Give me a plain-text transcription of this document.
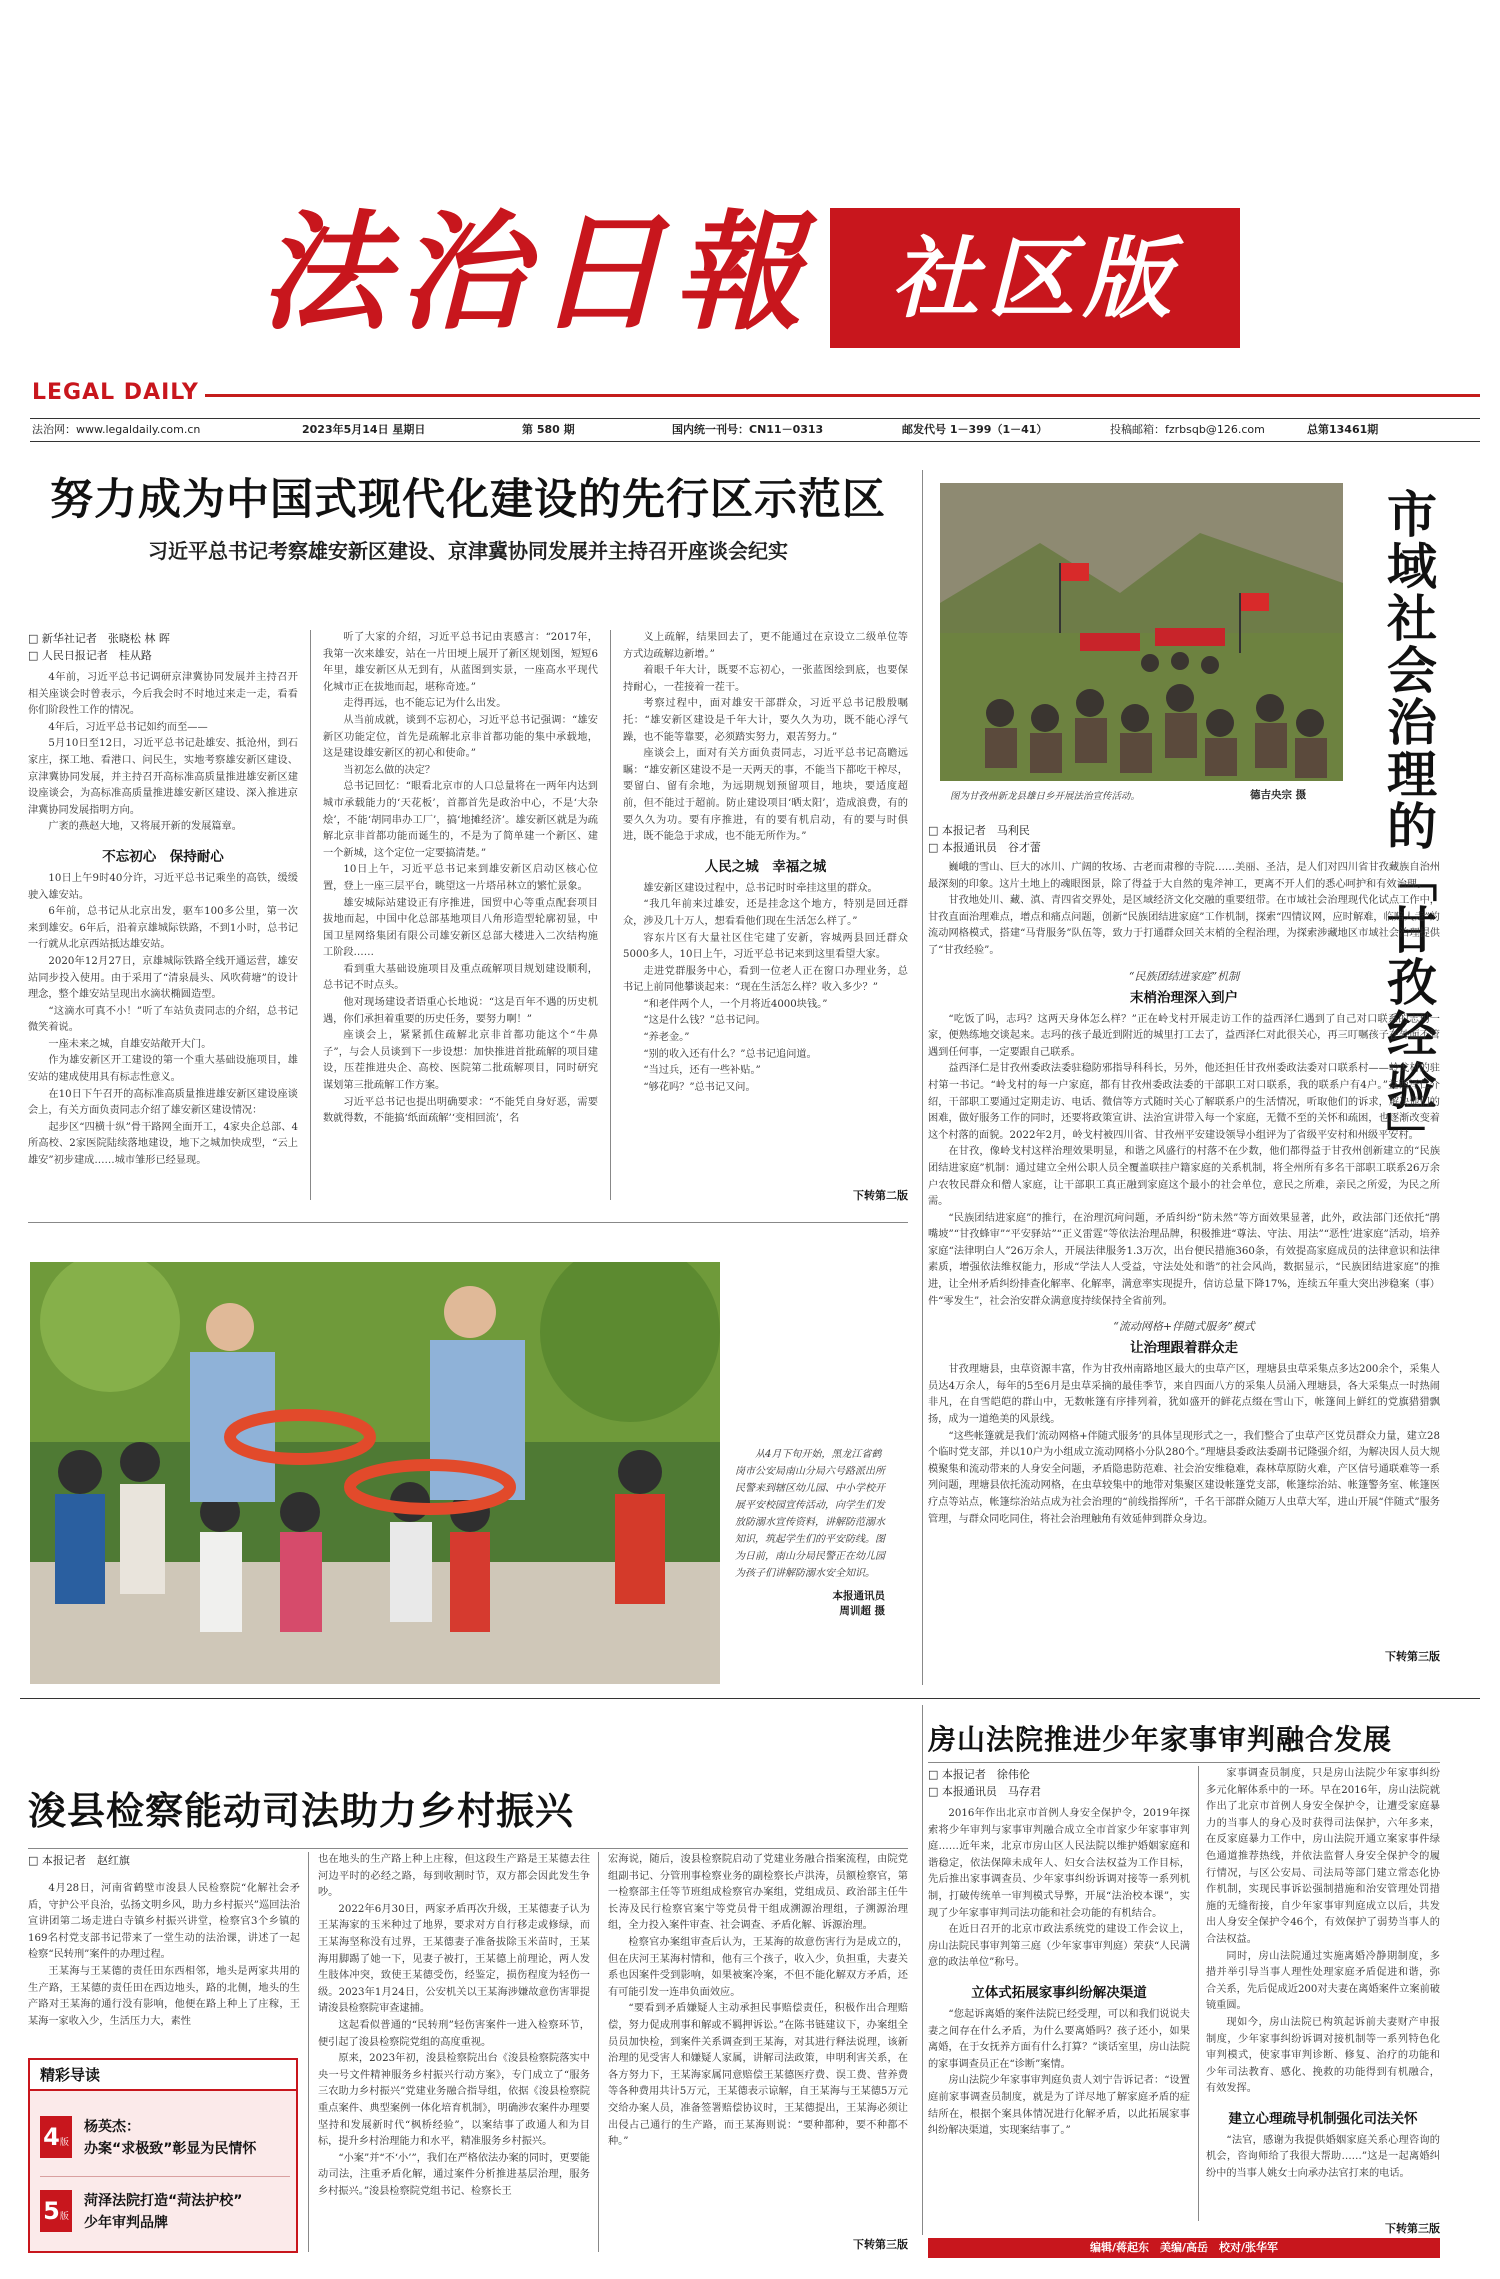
法治日報 社区版
LEGAL DAILY
法治网：www.legaldaily.com.cn	2023年5月14日 星期日	第 580 期	国内统一刊号：CN11－0313	邮发代号 1－399（1－41）	投稿邮箱：fzrbsqb@126.com	总第13461期
努力成为中国式现代化建设的先行区示范区
习近平总书记考察雄安新区建设、京津冀协同发展并主持召开座谈会纪实
□ 新华社记者　张晓松 林 晖
□ 人民日报记者　桂从路
4年前，习近平总书记调研京津冀协同发展并主持召开相关座谈会时曾表示，今后我会时不时地过来走一走，看看你们阶段性工作的情况。
4年后，习近平总书记如约而至——
5月10日至12日，习近平总书记赴雄安、抵沧州，到石家庄，探工地、看港口、问民生，实地考察雄安新区建设、京津冀协同发展，并主持召开高标准高质量推进雄安新区建设座谈会，为高标准高质量推进雄安新区建设、深入推进京津冀协同发展指明方向。
广袤的燕赵大地，又将展开新的发展篇章。
不忘初心　保持耐心
10日上午9时40分许，习近平总书记乘坐的高铁，缓缓驶入雄安站。
6年前，总书记从北京出发，驱车100多公里，第一次来到雄安。6年后，沿着京雄城际铁路，不到1小时，总书记一行就从北京西站抵达雄安站。
2020年12月27日，京雄城际铁路全线开通运营，雄安站同步投入使用。由于采用了“清泉晨头、风吹荷塘”的设计理念，整个雄安站呈现出水滴状椭圆造型。
“这滴水可真不小！”听了车站负责同志的介绍，总书记微笑着说。
一座未来之城，自雄安站敞开大门。
作为雄安新区开工建设的第一个重大基础设施项目，雄安站的建成使用具有标志性意义。
在10日下午召开的高标准高质量推进雄安新区建设座谈会上，有关方面负责同志介绍了雄安新区建设情况：
起步区“四横十纵”骨干路网全面开工，4家央企总部、4所高校、2家医院陆续落地建设，地下之城加快成型，“云上雄安”初步建成……城市雏形已经显现。
听了大家的介绍，习近平总书记由衷感言：“2017年，我第一次来雄安，站在一片田埂上展开了新区规划图，短短6年里，雄安新区从无到有，从蓝图到实景，一座高水平现代化城市正在拔地而起，堪称奇迹。”
走得再远，也不能忘记为什么出发。
从当前成就，谈到不忘初心，习近平总书记强调：“雄安新区功能定位，首先是疏解北京非首都功能的集中承载地，这是建设雄安新区的初心和使命。”
当初怎么做的决定？
总书记回忆：“眼看北京市的人口总量将在一两年内达到城市承载能力的‘天花板’，首都首先是政治中心，不是‘大杂烩’，不能‘胡同串办工厂’，搞‘地摊经济’。雄安新区就是为疏解北京非首都功能而诞生的，不是为了简单建一个新区、建一个新城，这个定位一定要搞清楚。”
10日上午，习近平总书记来到雄安新区启动区核心位置，登上一座三层平台，眺望这一片塔吊林立的繁忙景象。
雄安城际站建设正有序推进，国贸中心等重点配套项目拔地而起，中国中化总部基地项目八角形造型轮廓初显，中国卫星网络集团有限公司雄安新区总部大楼进入二次结构施工阶段……
看到重大基础设施项目及重点疏解项目规划建设顺利，总书记不时点头。
他对现场建设者语重心长地说：“这是百年不遇的历史机遇，你们承担着重要的历史任务，要努力啊！”
座谈会上，紧紧抓住疏解北京非首都功能这个“牛鼻子”，与会人员谈到下一步设想：加快推进首批疏解的项目建设，压茬推进央企、高校、医院第二批疏解项目，同时研究谋划第三批疏解工作方案。
习近平总书记也提出明确要求：“不能凭自身好恶，需要数就得数，不能搞‘纸面疏解’‘变相回流’，名
义上疏解，结果回去了，更不能通过在京设立二级单位等方式边疏解边新增。”
着眼千年大计，既要不忘初心，一张蓝图绘到底，也要保持耐心，一茬接着一茬干。
考察过程中，面对雄安干部群众，习近平总书记殷殷嘱托：“雄安新区建设是千年大计，要久久为功，既不能心浮气躁，也不能等靠要，必须踏实努力，艰苦努力。”
座谈会上，面对有关方面负责同志，习近平总书记高瞻远瞩：“雄安新区建设不是一天两天的事，不能当下都吃干榨尽，要留白、留有余地，为远期规划预留项目，地块，要适度超前，但不能过于超前。防止建设项目‘晒太阳’，造成浪费，有的要久久为功。要有序推进，有的要有机启动，有的要与时俱进，既不能急于求成，也不能无所作为。”
人民之城　幸福之城
雄安新区建设过程中，总书记时时牵挂这里的群众。
“我几年前来过雄安，还是挂念这个地方，特别是回迁群众，涉及几十万人，想看看他们现在生活怎么样了。”
容东片区有大量社区住宅建了安新，容城两县回迁群众5000多人，10日上午，习近平总书记来到这里看望大家。
走进党群服务中心，看到一位老人正在窗口办理业务，总书记上前同他攀谈起来：“现在生活怎么样？收入多少？”
“和老伴两个人，一个月将近4000块钱。”
“这是什么钱？”总书记问。
“养老金。”
“别的收入还有什么？”总书记追问道。
“当过兵，还有一些补贴。”
“够花吗？”总书记又问。
下转第二版
从4月下旬开始，黑龙江省鹤岗市公安局南山分局六号路派出所民警来到辖区幼儿园、中小学校开展平安校园宣传活动，向学生们发放防溺水宣传资料，讲解防范溺水知识，筑起学生们的平安防线。图为日前，南山分局民警正在幼儿园为孩子们讲解防溺水安全知识。
本报通讯员
周训超 摄
图为甘孜州新龙县雄日乡开展法治宣传活动。	德吉央宗 摄 市域社会治理的「甘孜经验」
□ 本报记者　马利民
□ 本报通讯员　谷才蕾
巍峨的雪山、巨大的冰川、广阔的牧场、古老而肃穆的寺院……美丽、圣洁，是人们对四川省甘孜藏族自治州最深刻的印象。这片土地上的魂眼图景，除了得益于大自然的鬼斧神工，更离不开人们的悉心呵护和有效治理。
甘孜地处川、藏、滇、青四省交界处，是区域经济文化交融的重要纽带。在市域社会治理现代化试点工作中，甘孜直面治理难点，增点和痛点问题，创新“民族团结进家庭”工作机制，探索“四情议网，应时解难，临赔人走”的流动网格模式，搭建“马背服务”队伍等，致力于打通群众回关末梢的全程治理，为探索涉藏地区市域社会治理提供了“甘孜经验”。
“民族团结进家庭”机制
末梢治理深入到户
“吃饭了吗，志玛？这两天身体怎么样？”正在岭戈村开展走访工作的益西泽仁遇到了自己对口联系的志玛一家，便熟练地交谈起来。志玛的孩子最近到附近的城里打工去了，益西泽仁对此很关心，再三叮嘱孩子在外面不管遇到任何事，一定要跟自己联系。
益西泽仁是甘孜州委政法委驻稳防邪指导科科长，另外，他还担任甘孜州委政法委对口联系村——岭戈村的驻村第一书记。“岭戈村的每一户家庭，都有甘孜州委政法委的干部职工对口联系，我的联系户有4户。”益西泽仁介绍，干部职工要通过定期走访、电话、微信等方式随时关心了解联系户的生活情况，听取他们的诉求，解决他们的困难，做好服务工作的同时，还要将政策宣讲、法治宣讲带入每一个家庭，无微不至的关怀和疏困，也逐渐改变着这个村落的面貌。2022年2月，岭戈村被四川省、甘孜州平安建设领导小组评为了省级平安村和州级平安村。
在甘孜，像岭戈村这样治理效果明显，和谐之风盛行的村落不在少数，他们都得益于甘孜州创新建立的“民族团结进家庭”机制：通过建立全州公职人员全覆盖联挂户籍家庭的关系机制，将全州所有多名干部职工联系26万余户农牧民群众和僧人家庭，让干部职工真正融到家庭这个最小的社会单位，意民之所难，亲民之所爱，为民之所需。
“民族团结进家庭”的推行，在治理沉疴问题，矛盾纠纷“防未然”等方面效果显著，此外，政法部门还依托“鹃嘴坡”“甘孜蜂审”“平安驿站”“正义雷霆”等依法治理品牌，积极推进“尊法、守法、用法”“恶性’进家庭”活动，培养家庭“法律明白人”26万余人，开展法律服务1.3万次，出台便民措施360条，有效提高家庭成员的法律意识和法律素质，增强依法维权能力，形成“学法人人受益，守法处处和谐”的社会风尚，数据显示，“民族团结进家庭”的推进，让全州矛盾纠纷排查化解率、化解率，满意率实现提升，信访总量下降17%，连续五年重大突出涉稳案（事）件“零发生”，社会治安群众满意度持续保持全省前列。
“流动网格+伴随式服务”模式
让治理跟着群众走
甘孜理塘县，虫草资源丰富，作为甘孜州南路地区最大的虫草产区，理塘县虫草采集点多达200余个，采集人员达4万余人，每年的5至6月是虫草采摘的最佳季节，来自四面八方的采集人员涌入理塘县，各大采集点一时热闹非凡，在自雪皑皑的群山中，无数帐篷有序排列着，犹如盛开的鲜花点缀在雪山下，帐篷间上鲜红的党旗猎猎飘扬，成为一道绝美的风景线。
“这些帐篷就是我们‘流动网格+伴随式服务’的具体呈现形式之一，我们整合了虫草产区党员群众力量，建立28个临时党支部，并以10户为小组成立流动网格小分队280个。”理塘县委政法委副书记隆强介绍，为解决因人员大规模聚集和流动带来的人身安全问题，矛盾隐患防范难、社会治安维稳难，森林草原防火难，产区信号通联难等一系列问题，理塘县依托流动网格，在虫草较集中的地带对集聚区建设帐篷党支部，帐篷综治站、帐篷警务室、帐篷医疗点等站点，帐篷综治站点成为社会治理的“前线指挥所”，千名干部群众随万人虫草大军，进山开展“伴随式”服务管理，与群众同吃同住，将社会治理触角有效延伸到群众身边。
下转第三版
浚县检察能动司法助力乡村振兴
□ 本报记者　赵红旗
4月28日，河南省鹤壁市浚县人民检察院“化解社会矛盾，守护公平良治，弘扬文明乡风，助力乡村振兴”巡回法治宣讲团第二场走进白寺镇乡村振兴讲堂，检察官3个乡镇的169名村党支部书记带来了一堂生动的法治课，讲述了一起检察“民转刑”案件的办理过程。
王某海与王某德的责任田东西相邻，地头是两家共用的生产路，王某德的责任田在西边地头，路的北侧，地头的生产路对王某海的通行没有影响，他便在路上种上了庄稼，王某海一家收入少，生活压力大，素性
精彩导读
4版
杨英杰：
办案“求极致”彰显为民情怀
5版
菏泽法院打造“菏法护校”
少年审判品牌
也在地头的生产路上种上庄稼，但这段生产路是王某德去往河边平时的必经之路，每到收割时节，双方都会因此发生争吵。
2022年6月30日，两家矛盾再次升级，王某德妻子认为王某海家的玉米种过了地界，要求对方自行移走或修绿，而王某海坚称没有过界，王某德妻子准备拔除玉米苗时，王某海用脚踢了她一下，见妻子被打，王某德上前理论，两人发生肢体冲突，致使王某德受伤，经鉴定，损伤程度为轻伤一级。2023年1月24日，公安机关以王某海涉嫌故意伤害罪提请浚县检察院审查逮捕。
这起看似普通的“民转刑”轻伤害案件一进入检察环节，便引起了浚县检察院党组的高度重视。
原来，2023年初，浚县检察院出台《浚县检察院落实中央一号文件精神服务乡村振兴行动方案》，专门成立了“服务三农助力乡村振兴”党建业务融合指导组，依据《浚县检察院重点案件、典型案例一体化培育机制》，明确涉农案件办理要坚持和发展新时代“枫桥经验”，以案结事了政通人和为目标，提升乡村治理能力和水平，精准服务乡村振兴。
“小案”并“不‘小’”，我们在严格依法办案的同时，更要能动司法，注重矛盾化解，通过案件分析推进基层治理，服务乡村振兴。”浚县检察院党组书记、检察长王
宏海说，随后，浚县检察院启动了党建业务融合指案流程，由院党组副书记、分管刑事检察业务的副检察长卢洪涛，员额检察官，第一检察部主任等节班组成检察官办案组，党组成员、政治部主任牛长涛及民行检察官案宁等党员骨干组成溯源治理组，子溯源治理组，全力投入案件审查、社会调查、矛盾化解、诉源治理。
检察官办案组审查后认为，王某海的故意伤害行为是成立的，但在庆河王某海村情和，他有三个孩子，收入少，负担重，夫妻关系也因案件受到影响，如果被案冷案，不但不能化解双方矛盾，还有可能引发一连串负面效应。
“要看到矛盾嫌疑人主动承担民事赔偿责任，积极作出合理赔偿，努力促成刑事和解或不羁押诉讼。”在陈书链建议下，办案组全员员加快检，到案件关系调查到王某海，对其进行释法说理，该新治理的见受害人和嫌疑人家属，讲解司法政策，申明利害关系，在各方努力下，王某海家属同意赔偿王某德医疗费、误工费、营养费等各种费用共计5万元，王某德表示谅解，自王某海与王某德5万元交给办案人员，准备签署赔偿协议时，王某德提出，王某海必须让出侵占己通行的生产路，而王某海则说：“要种都种，要不种都不种。”
下转第三版
房山法院推进少年家事审判融合发展
□ 本报记者　徐伟伦
□ 本报通讯员　马存君
2016年作出北京市首例人身安全保护令，2019年探索将少年审判与家事审判融合成立全市首家少年家事审判庭……近年来，北京市房山区人民法院以维护婚姻家庭和谐稳定，依法保障未成年人、妇女合法权益为工作目标，先后推出家事调查员、少年家事纠纷诉调对接等一系列机制，打破传统单一审判模式导弊，开展“法治校本课”，实现了少年家事审判司法功能和社会功能的有机结合。
在近日召开的北京市政法系统党的建设工作会议上，房山法院民事审判第三庭（少年家事审判庭）荣获“人民满意的政法单位”称号。
立体式拓展家事纠纷解决渠道
“您起诉离婚的案件法院已经受理，可以和我们说说夫妻之间存在什么矛盾，为什么要离婚吗？孩子还小，如果离婚，在于女抚养方面有什么打算？”谈话室里，房山法院的家事调查员正在“诊断”案情。
房山法院少年家事审判庭负责人刘宁告诉记者：“设置庭前家事调查员制度，就是为了详尽地了解家庭矛盾的症结所在，根据个案具体情况进行化解矛盾，以此拓展家事纠纷解决渠道，实现案结事了。”
家事调查员制度，只是房山法院少年家事纠纷多元化解体系中的一环。早在2016年，房山法院就作出了北京市首例人身安全保护令，让遭受家庭暴力的当事人的身心及时获得司法保护，六年多来，在反家庭暴力工作中，房山法院开通立案家事件绿色通道推荐热线，并依法监督人身安全保护令的履行情况，与区公安局、司法局等部门建立常态化协作机制，实现民事诉讼强制措施和治安管理处罚措施的无缝衔接，自少年家事审判庭成立以后，共发出人身安全保护令46个，有效保护了弱势当事人的合法权益。
同时，房山法院通过实施离婚冷静期制度，多措并举引导当事人理性处理家庭矛盾促进和谐，弥合关系，先后促成近200对夫妻在离婚案件立案前破镜重圆。
现如今，房山法院已构筑起诉前夫妻财产申报制度，少年家事纠纷诉调对接机制等一系列特色化审判模式，使家事审判诊断、修复、治疗的功能和少年司法教育、感化、挽救的功能得到有机融合，有效发挥。
建立心理疏导机制强化司法关怀
“法官，感谢为我提供婚姻家庭关系心理咨询的机会，咨询师给了我很大帮助……”这是一起离婚纠纷中的当事人姚女士向承办法官打来的电话。
下转第三版
编辑/蒋起东　美编/高岳　校对/张华军
